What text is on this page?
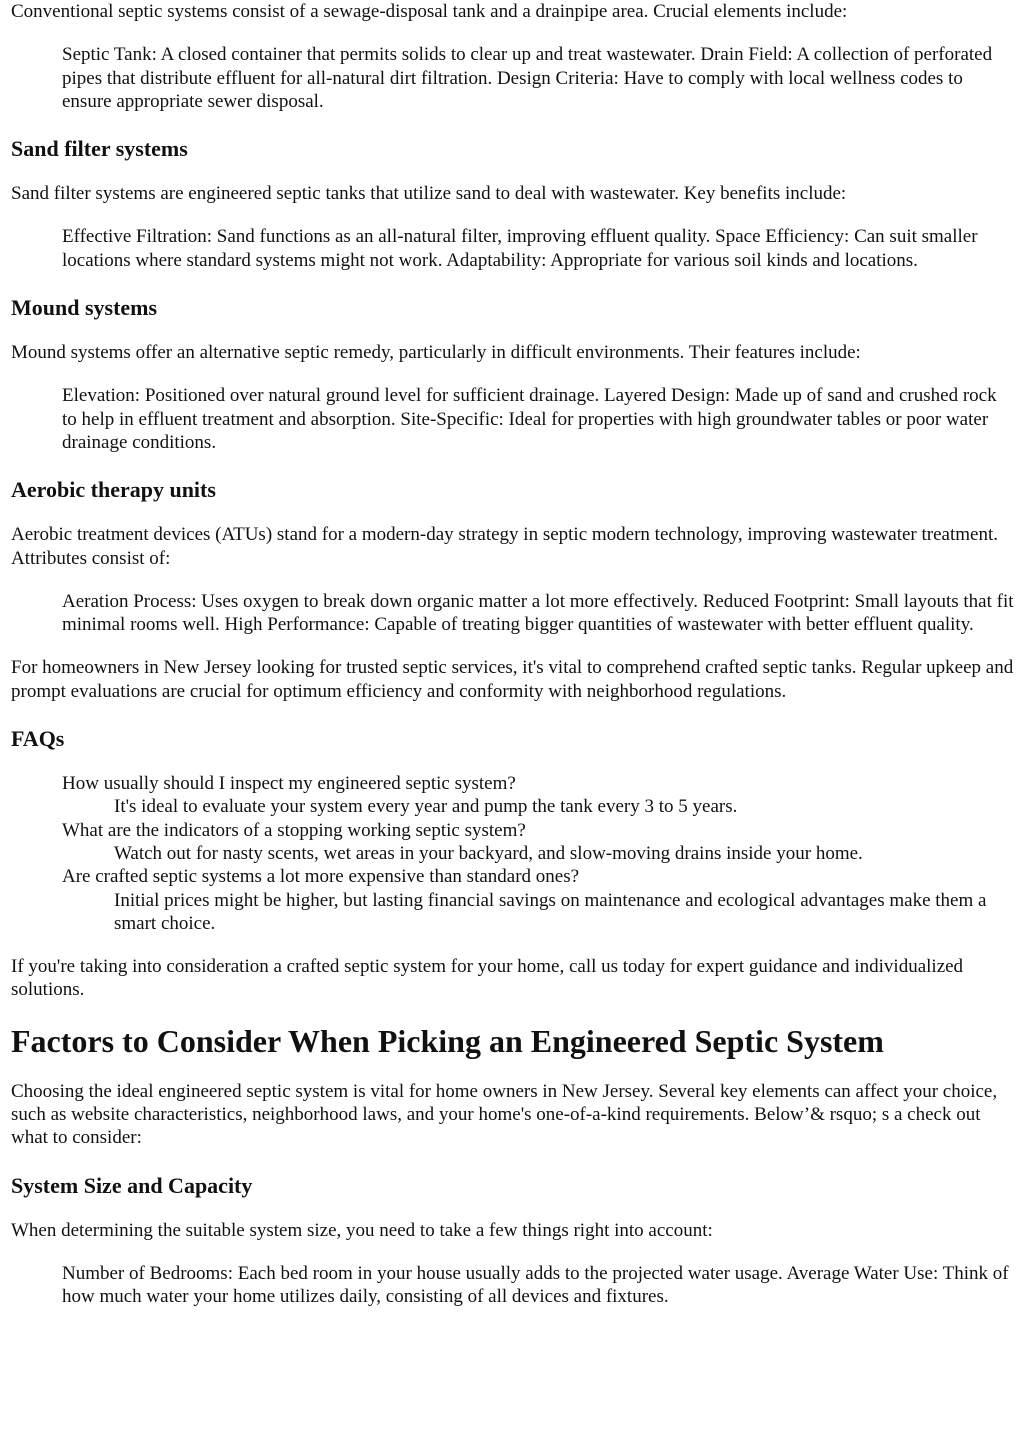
Conventional septic systems consist of a sewage-disposal tank and a drainpipe area. Crucial elements include:

Septic Tank: A closed container that permits solids to clear up and treat wastewater. Drain Field: A collection of perforated pipes that distribute effluent for all-natural dirt filtration. Design Criteria: Have to comply with local wellness codes to ensure appropriate sewer disposal.

Sand filter systems

Sand filter systems are engineered septic tanks that utilize sand to deal with wastewater. Key benefits include:

Effective Filtration: Sand functions as an all-natural filter, improving effluent quality. Space Efficiency: Can suit smaller locations where standard systems might not work. Adaptability: Appropriate for various soil kinds and locations.

Mound systems

Mound systems offer an alternative septic remedy, particularly in difficult environments. Their features include:

Elevation: Positioned over natural ground level for sufficient drainage. Layered Design: Made up of sand and crushed rock to help in effluent treatment and absorption. Site-Specific: Ideal for properties with high groundwater tables or poor water drainage conditions.

Aerobic therapy units

Aerobic treatment devices (ATUs) stand for a modern-day strategy in septic modern technology, improving wastewater treatment. Attributes consist of:

Aeration Process: Uses oxygen to break down organic matter a lot more effectively. Reduced Footprint: Small layouts that fit minimal rooms well. High Performance: Capable of treating bigger quantities of wastewater with better effluent quality.

For homeowners in New Jersey looking for trusted septic services, it's vital to comprehend crafted septic tanks. Regular upkeep and prompt evaluations are crucial for optimum efficiency and conformity with neighborhood regulations.

FAQs

How usually should I inspect my engineered septic system?

It's ideal to evaluate your system every year and pump the tank every 3 to 5 years.

What are the indicators of a stopping working septic system?

Watch out for nasty scents, wet areas in your backyard, and slow-moving drains inside your home.

Are crafted septic systems a lot more expensive than standard ones?

Initial prices might be higher, but lasting financial savings on maintenance and ecological advantages make them a smart choice.

If you're taking into consideration a crafted septic system for your home, call us today for expert guidance and individualized solutions.

Factors to Consider When Picking an Engineered Septic System

Choosing the ideal engineered septic system is vital for home owners in New Jersey. Several key elements can affect your choice, such as website characteristics, neighborhood laws, and your home's one-of-a-kind requirements. Below’& rsquo; s a check out what to consider:

System Size and Capacity

When determining the suitable system size, you need to take a few things right into account:

Number of Bedrooms: Each bed room in your house usually adds to the projected water usage. Average Water Use: Think of how much water your home utilizes daily, consisting of all devices and fixtures.
